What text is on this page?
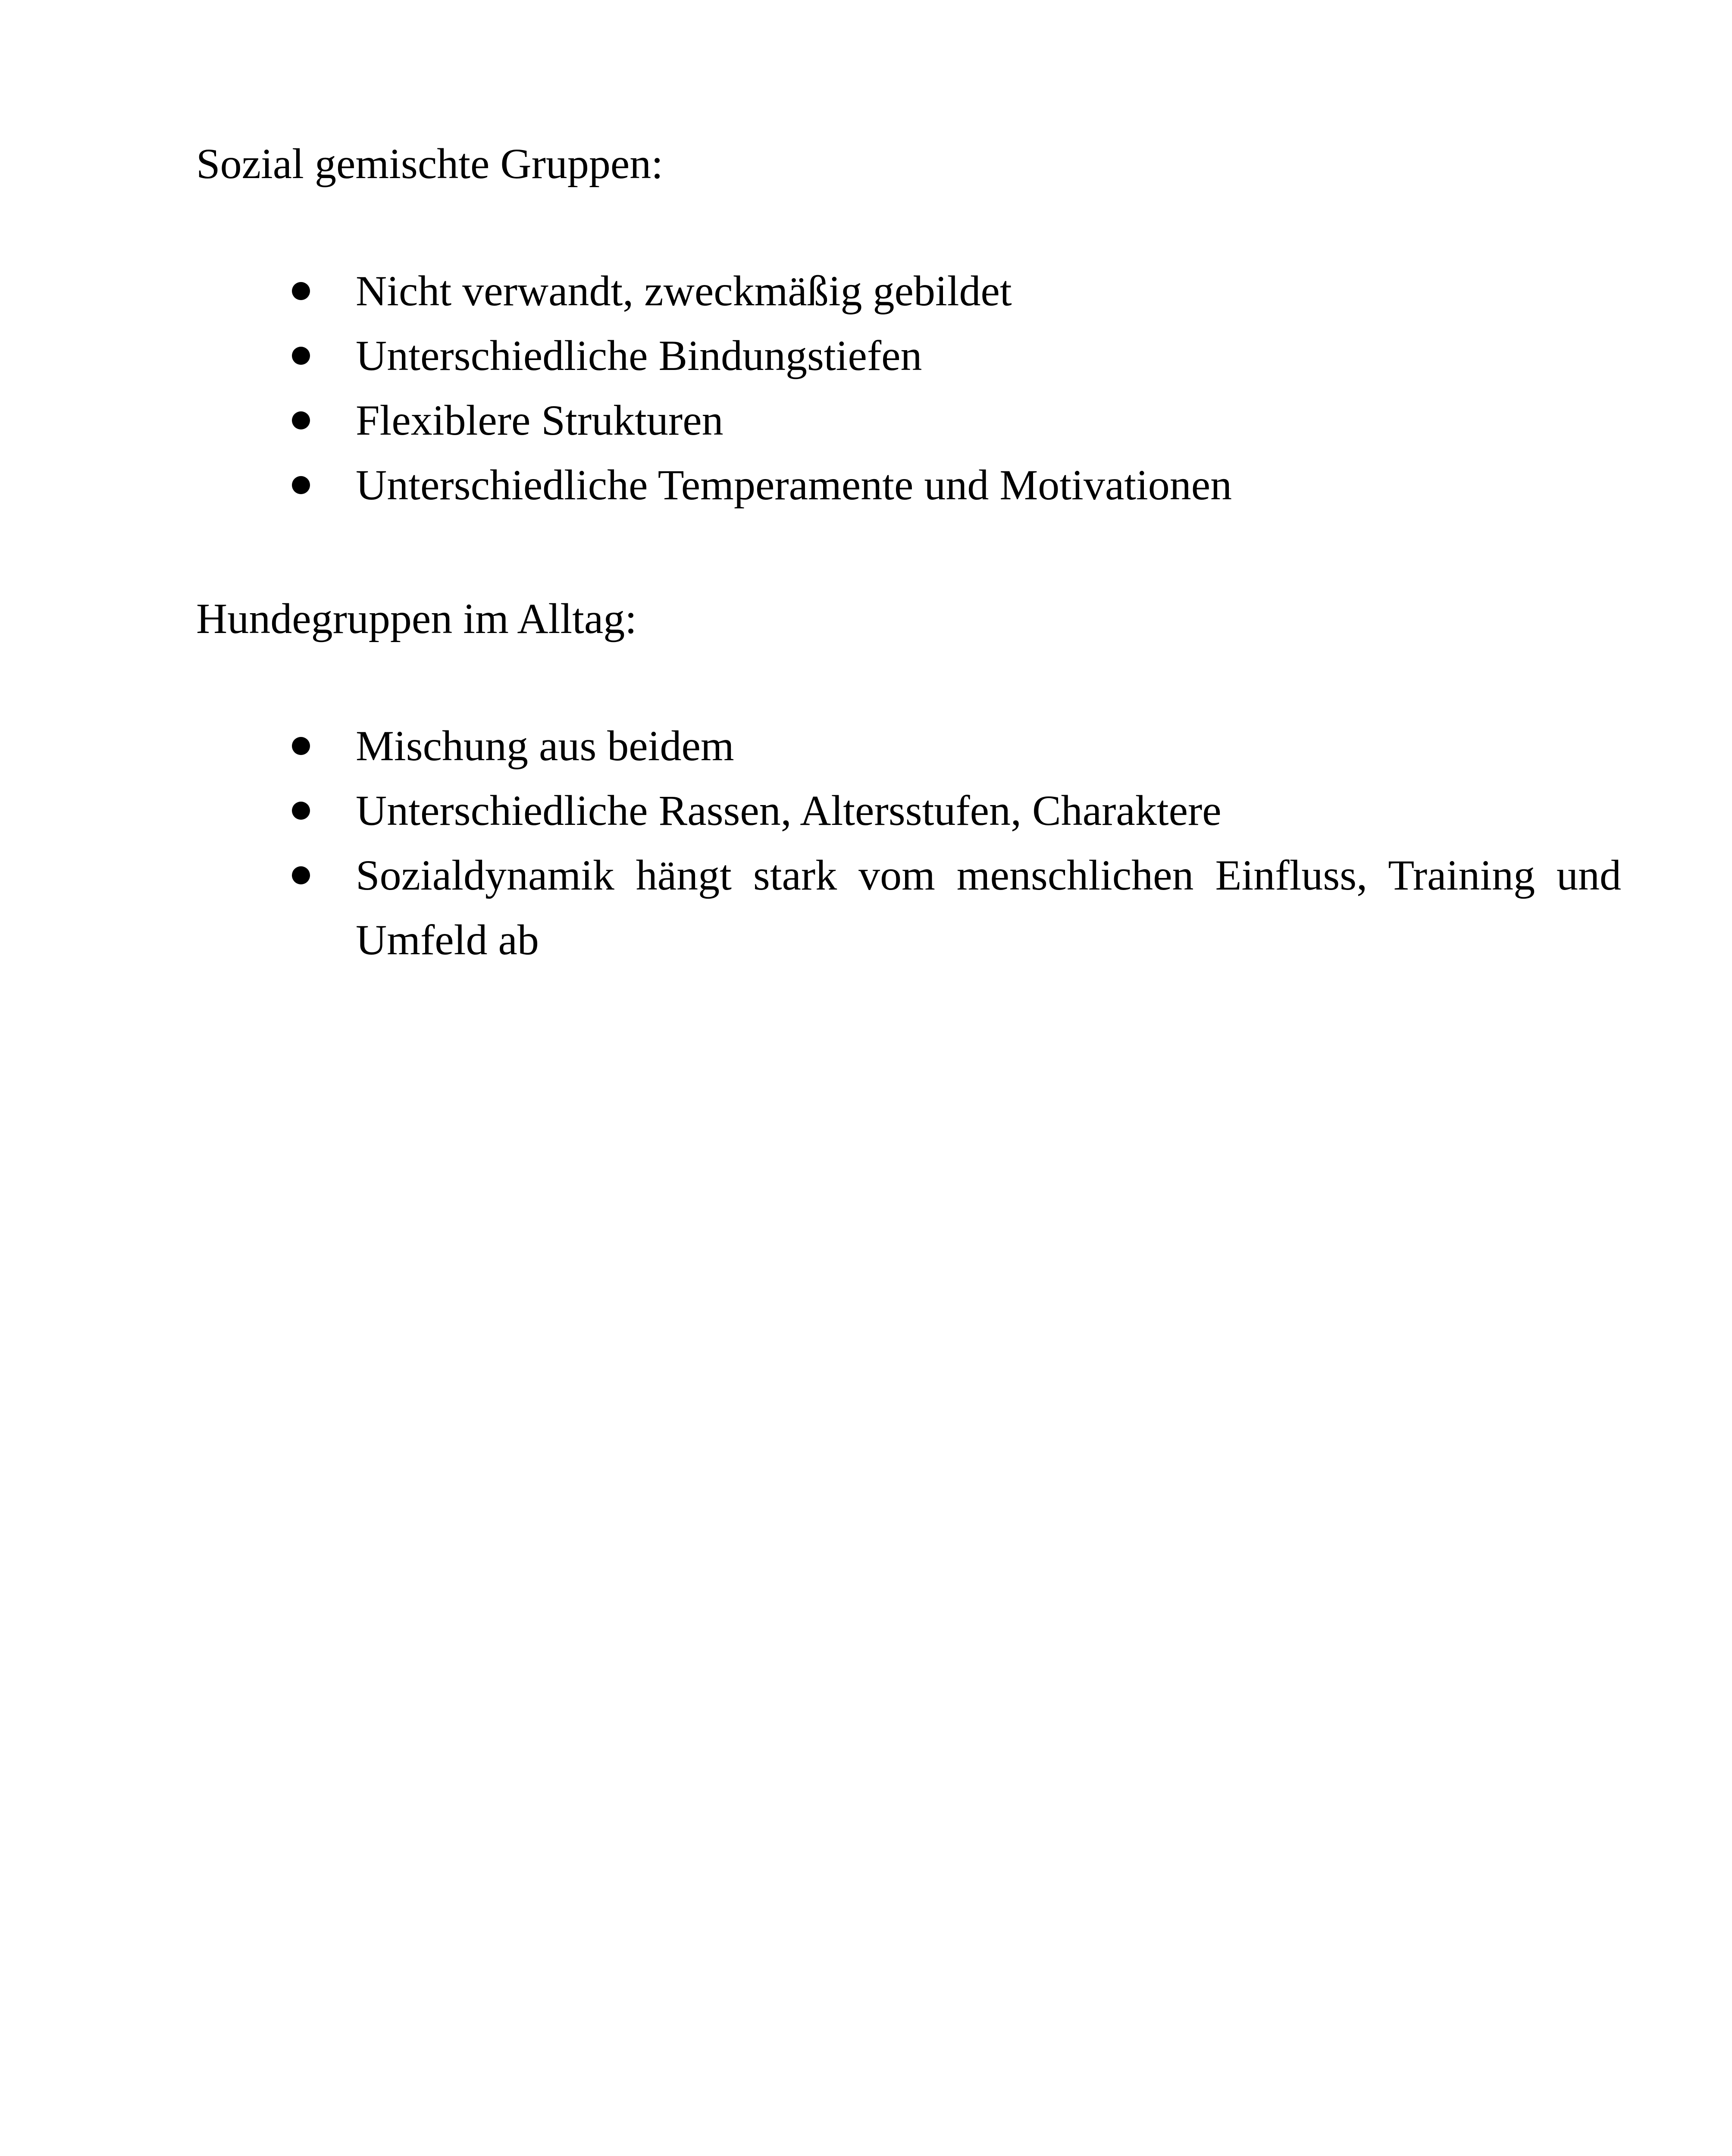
Sozial gemischte Gruppen:
Nicht verwandt, zweckmäßig gebildet
Unterschiedliche Bindungstiefen
Flexiblere Strukturen
Unterschiedliche Temperamente und Motivationen
Hundegruppen im Alltag:
Mischung aus beidem
Unterschiedliche Rassen, Altersstufen, Charaktere
Sozialdynamik hängt stark vom menschlichen Einfluss, Training und Umfeld ab
